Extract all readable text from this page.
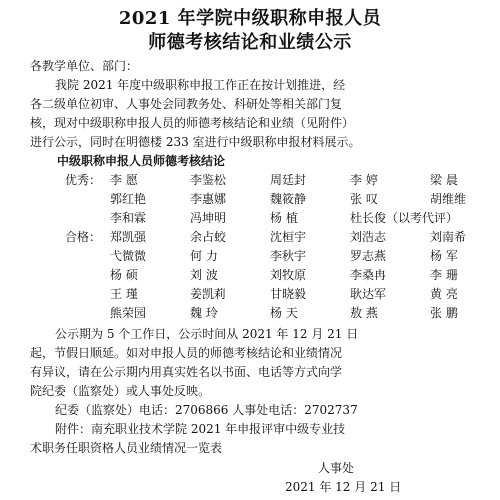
2021 年学院中级职称申报人员
师德考核结论和业绩公示
各教学单位、部门：
我院 2021 年度中级职称申报工作正在按计划推进，经
各二级单位初审、人事处会同教务处、科研处等相关部门复
核，现对中级职称申报人员的师德考核结论和业绩（见附件）
进行公示，同时在明德楼 233 室进行中级职称申报材料展示。
中级职称申报人员师德考核结论
优秀： 李 愿	李鉴松	周廷封	李 婷	梁 晨
郭红艳	李惠娜	魏筱静	张 叹	胡维维
李和霖	冯坤明	杨 植	杜长俊（以考代评）
合格： 郑凯强	余占蛟	沈桓宇	刘浩志	刘南希
弋微微	何 力	李秋宇	罗志燕	杨 军
杨 硕	刘 波	刘牧原	李桑冉	李 珊
王 瑾	姜凯莉	甘晓毅	耿达军	黄 亮
熊荣园	魏 玲	杨 天	敖 燕	张 鹏
公示期为 5 个工作日，公示时间从 2021 年 12 月 21 日
起，节假日顺延。如对申报人员的师德考核结论和业绩情况
有异议，请在公示期内用真实姓名以书面、电话等方式向学
院纪委（监察处）或人事处反映。
纪委（监察处）电话：2706866 人事处电话：2702737
附件：南充职业技术学院 2021 年申报评审中级专业技
术职务任职资格人员业绩情况一览表
人事处
2021 年 12 月 21 日
